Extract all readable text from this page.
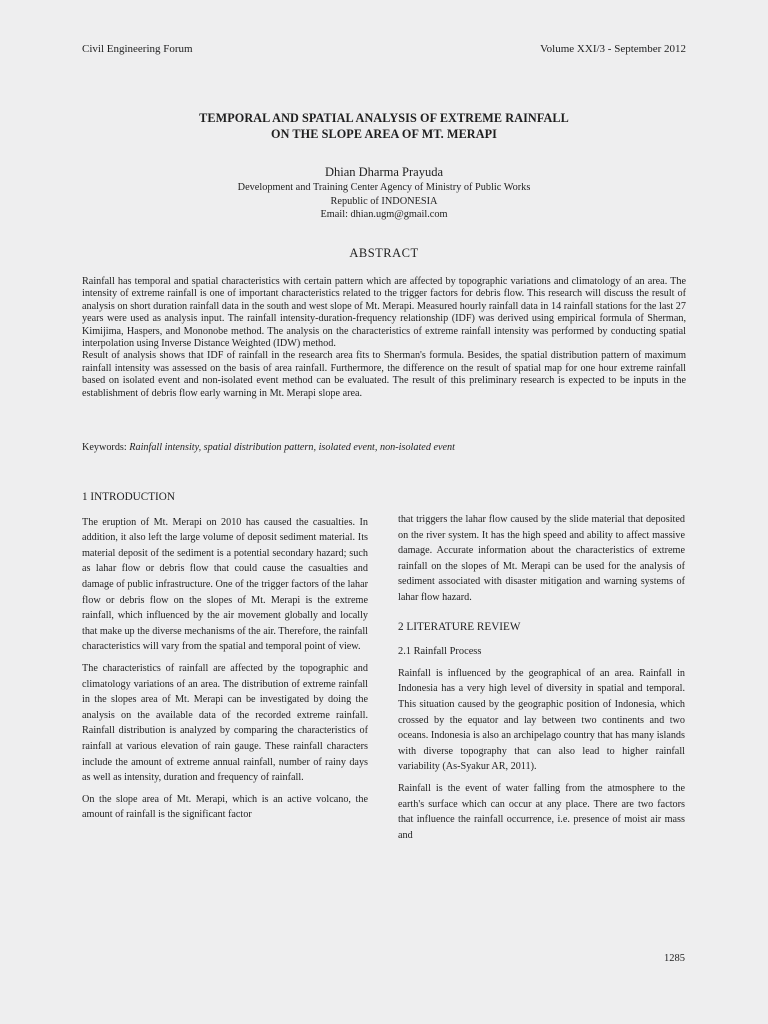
Civil Engineering Forum	Volume XXI/3 - September 2012
TEMPORAL AND SPATIAL ANALYSIS OF EXTREME RAINFALL
ON THE SLOPE AREA OF MT. MERAPI
Dhian Dharma Prayuda
Development and Training Center Agency of Ministry of Public Works
Republic of INDONESIA
Email: dhian.ugm@gmail.com
ABSTRACT

Rainfall has temporal and spatial characteristics with certain pattern which are affected by topographic variations and climatology of an area. The intensity of extreme rainfall is one of important characteristics related to the trigger factors for debris flow. This research will discuss the result of analysis on short duration rainfall data in the south and west slope of Mt. Merapi. Measured hourly rainfall data in 14 rainfall stations for the last 27 years were used as analysis input. The rainfall intensity-duration-frequency relationship (IDF) was derived using empirical formula of Sherman, Kimijima, Haspers, and Mononobe method. The analysis on the characteristics of extreme rainfall intensity was performed by conducting spatial interpolation using Inverse Distance Weighted (IDW) method.

Result of analysis shows that IDF of rainfall in the research area fits to Sherman's formula. Besides, the spatial distribution pattern of maximum rainfall intensity was assessed on the basis of area rainfall. Furthermore, the difference on the result of spatial map for one hour extreme rainfall based on isolated event and non-isolated event method can be evaluated. The result of this preliminary research is expected to be inputs in the establishment of debris flow early warning in Mt. Merapi slope area.

Keywords: Rainfall intensity, spatial distribution pattern, isolated event, non-isolated event
1 INTRODUCTION

The eruption of Mt. Merapi on 2010 has caused the casualties. In addition, it also left the large volume of deposit sediment material. Its material deposit of the sediment is a potential secondary hazard; such as lahar flow or debris flow that could cause the casualties and damage of public infrastructure. One of the trigger factors of the lahar flow or debris flow on the slopes of Mt. Merapi is the extreme rainfall, which influenced by the air movement globally and locally that make up the diverse mechanisms of the air. Therefore, the rainfall characteristics will vary from the spatial and temporal point of view.

The characteristics of rainfall are affected by the topographic and climatology variations of an area. The distribution of extreme rainfall in the slopes area of Mt. Merapi can be investigated by doing the analysis on the available data of the recorded extreme rainfall. Rainfall distribution is analyzed by comparing the characteristics of rainfall at various elevation of rain gauge. These rainfall characters include the amount of extreme annual rainfall, number of rainy days as well as intensity, duration and frequency of rainfall.

On the slope area of Mt. Merapi, which is an active volcano, the amount of rainfall is the significant factor

that triggers the lahar flow caused by the slide material that deposited on the river system. It has the high speed and ability to affect massive damage. Accurate information about the characteristics of extreme rainfall on the slopes of Mt. Merapi can be used for the analysis of sediment associated with disaster mitigation and warning systems of lahar flow hazard.

2 LITERATURE REVIEW
2.1 Rainfall Process

Rainfall is influenced by the geographical of an area. Rainfall in Indonesia has a very high level of diversity in spatial and temporal. This situation caused by the geographic position of Indonesia, which crossed by the equator and lay between two continents and two oceans. Indonesia is also an archipelago country that has many islands with diverse topography that can also lead to higher rainfall variability (As-Syakur AR, 2011).

Rainfall is the event of water falling from the atmosphere to the earth's surface which can occur at any place. There are two factors that influence the rainfall occurrence, i.e. presence of moist air mass and

1285
